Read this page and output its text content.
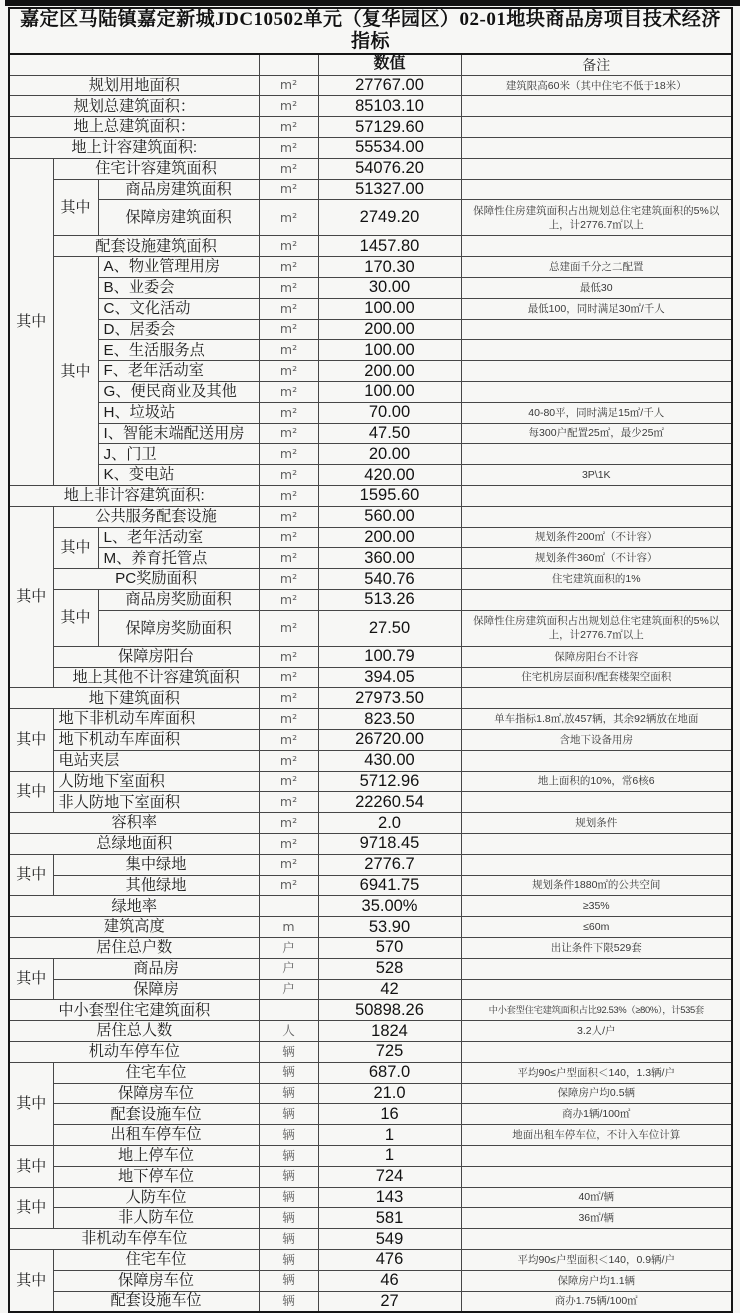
嘉定区马陆镇嘉定新城JDC10502单元（复华园区）02-01地块商品房项目技术经济指标					
				数值	备注
规划用地面积			m²	27767.00	建筑限高60米（其中住宅不低于18米）
规划总建筑面积：			m²	85103.10	
地上总建筑面积：			m²	57129.60	
地上计容建筑面积:			m²	55534.00	
其中	住宅计容建筑面积		m²	54076.20	
	其中	商品房建筑面积	m²	51327.00	
		保障房建筑面积	m²	2749.20	保障性住房建筑面积占出规划总住宅建筑面积的5%以上，计2776.7㎡以上
	配套设施建筑面积		m²	1457.80	
	其中	A、物业管理用房	m²	170.30	总建面千分之二配置
		B、业委会	m²	30.00	最低30
		C、文化活动	m²	100.00	最低100，同时满足30㎡/千人
		D、居委会	m²	200.00	
		E、生活服务点	m²	100.00	
		F、老年活动室	m²	200.00	
		G、便民商业及其他	m²	100.00	
		H、垃圾站	m²	70.00	40-80平，同时满足15㎡/千人
		I、智能末端配送用房	m²	47.50	每300户配置25㎡，最少25㎡
		J、门卫	m²	20.00	
		K、变电站	m²	420.00	3P\1K
地上非计容建筑面积:			m²	1595.60	
其中	公共服务配套设施		m²	560.00	
	其中	L、老年活动室	m²	200.00	规划条件200㎡（不计容）
		M、养育托管点	m²	360.00	规划条件360㎡（不计容）
	PC奖励面积		m²	540.76	住宅建筑面积的1%
	其中	商品房奖励面积	m²	513.26	
		保障房奖励面积	m²	27.50	保障性住房建筑面积占出规划总住宅建筑面积的5%以上，计2776.7㎡以上
	保障房阳台		m²	100.79	保障房阳台不计容
	地上其他不计容建筑面积		m²	394.05	住宅机房层面积/配套楼架空面积
地下建筑面积			m²	27973.50	
其中	地下非机动车库面积		m²	823.50	单车指标1.8㎡,放457辆，其余92辆放在地面
	地下机动车库面积		m²	26720.00	含地下设备用房
	电站夹层		m²	430.00	
其中	人防地下室面积		m²	5712.96	地上面积的10%，常6核6
	非人防地下室面积		m²	22260.54	
容积率			m²	2.0	规划条件
总绿地面积			m²	9718.45	
其中	集中绿地		m²	2776.7	
	其他绿地		m²	6941.75	规划条件1880㎡的公共空间
绿地率				35.00%	≥35%
建筑高度			m	53.90	≤60m
居住总户数			户	570	出让条件下限529套
其中	商品房		户	528	
	保障房		户	42	
中小套型住宅建筑面积				50898.26	中小套型住宅建筑面积占比92.53%（≥80%），计535套
居住总人数			人	1824	3.2人/户
机动车停车位			辆	725	
其中	住宅车位		辆	687.0	平均90≤户型面积＜140，1.3辆/户
	保障房车位		辆	21.0	保障房户均0.5辆
	配套设施车位		辆	16	商办1辆/100㎡
	出租车停车位		辆	1	地面出租车停车位，不计入车位计算
其中	地上停车位		辆	1	
	地下停车位		辆	724	
其中	人防车位		辆	143	40㎡/辆
	非人防车位		辆	581	36㎡/辆
非机动车停车位			辆	549	
其中	住宅车位		辆	476	平均90≤户型面积＜140，0.9辆/户
	保障房车位		辆	46	保障房户均1.1辆
	配套设施车位		辆	27	商办1.75辆/100㎡
